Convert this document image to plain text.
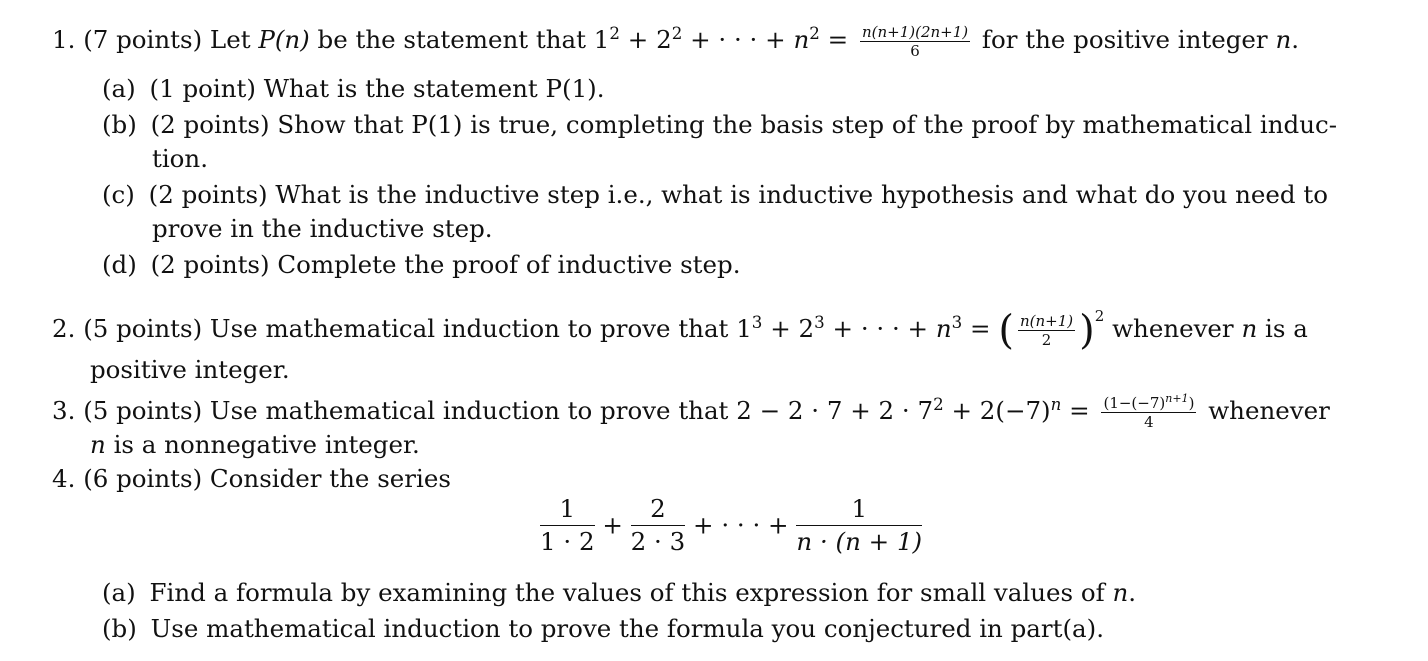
1. (7 points) Let P(n) be the statement that $1^2 + 2^2$ + · · · + $n^2 = \frac{n(n+1)(2n+1)}{6}$ for the positive integer n.
(a) (1 point) What is the statement P(1).
(b) (2 points) Show that P(1) is true, completing the basis step of the proof by mathematical induc-
tion.
(c) (2 points) What is the inductive step i.e., what is inductive hypothesis and what do you need to
prove in the inductive step.
(d) (2 points) Complete the proof of inductive step.
2. (5 points) Use mathematical induction to prove that $1^3 + 2^3$ + · · · + $n^3$ = ( $\frac{n(n+1)}{2} )^2$ whenever n is a
positive integer.
3. (5 points) Use mathematical induction to prove that $2 - 2 \cdot 7 + 2 \cdot 7^2 + 2(-7)^n = \frac{(1-(-7)^{n+1})}{4}$ whenever
n is a nonnegative integer.
4. (6 points) Consider the series
$\frac{1}{1 \cdot 2} + \frac{2}{2 \cdot 3}$ + · · · + $\frac{1}{n \cdot (n + 1)}$
(a) Find a formula by examining the values of this expression for small values of n.
(b) Use mathematical induction to prove the formula you conjectured in part(a).
